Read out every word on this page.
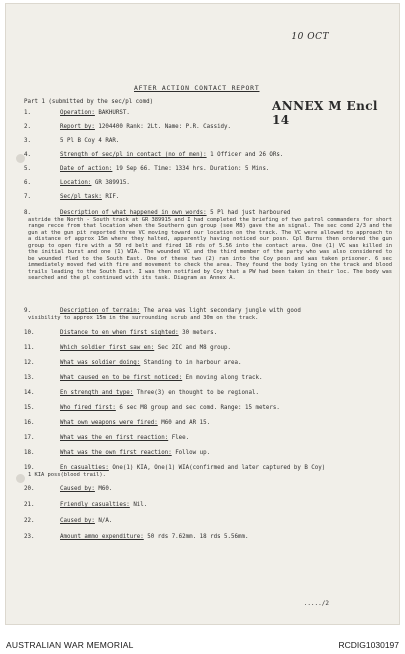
10 OCT
ANNEX M Encl 14
AFTER ACTION CONTACT REPORT
Part 1 (submitted by the sec/pl comd)
1.	Operation: BAKHURST.
2.	Report by: 1204400 Rank: 2Lt. Name: P.R. Cassidy.
3.	5 Pl B Coy 4 RAR.
4.	Strength of sec/pl in contact (no of men): 1 Officer and 26 ORs.
5.	Date of action: 19 Sep 66. Time: 1334 hrs. Duration: 5 Mins.
6.	Location: GR 389915.
7.	Sec/pl task: RIF.
8.	Description of what happened in own words: 5 Pl had just harboured
astride the North - South track at GR 389915 and I had completed the briefing of two patrol commanders for short range recce from that location when the Southern gun group (see M8) gave the an signal. The sec comd 2/3 and the gun at the gun pit reported three VC moving toward our location on the track. The VC were allowed to approach to a distance of approx 15m where they halted, apparently having noticed our posn. Cpl Burns then ordered the gun group to open fire with a 50 rd belt and fired 18 rds of 5.56 into the contact area. One (1) VC was killed in the initial burst and one (1) WIA. The wounded VC and the third member of the party who was also considered to be wounded fled to the South East. One of these two (2) ran into the Coy posn and was taken prisoner. 6 sec immediately moved fwd with fire and movement to check the area. They found the body lying on the track and blood trails leading to the South East. I was then notified by Coy that a PW had been taken in their loc. The body was searched and the pl continued with its task. Diagram as Annex A.
9.	Description of terrain: The area was light secondary jungle with good
visibility to approx 15m in the surrounding scrub and 30m on the track.
10.	Distance to en when first sighted: 30 meters.
11.	Which soldier first saw en: Sec 2IC and M8 group.
12.	What was soldier doing: Standing to in harbour area.
13.	What caused en to be first noticed: En moving along track.
14.	En strength and type: Three(3) en thought to be regional.
15.	Who fired first: 6 sec M8 group and sec comd. Range: 15 meters.
16.	What own weapons were fired: M60 and AR 15.
17.	What was the en first reaction: Flee.
18.	What was the own first reaction: Follow up.
19.	En casualties: One(1) KIA, One(1) WIA(confirmed and later captured by B Coy)
1 KIA poss(blood trail).
20.	Caused by: M60.
21.	Friendly casualties: Nil.
22.	Caused by: N/A.
23.	Amount ammo expenditure: 50 rds 7.62mm. 18 rds 5.56mm.
...../2
AUSTRALIAN WAR MEMORIAL	RCDIG1030197
